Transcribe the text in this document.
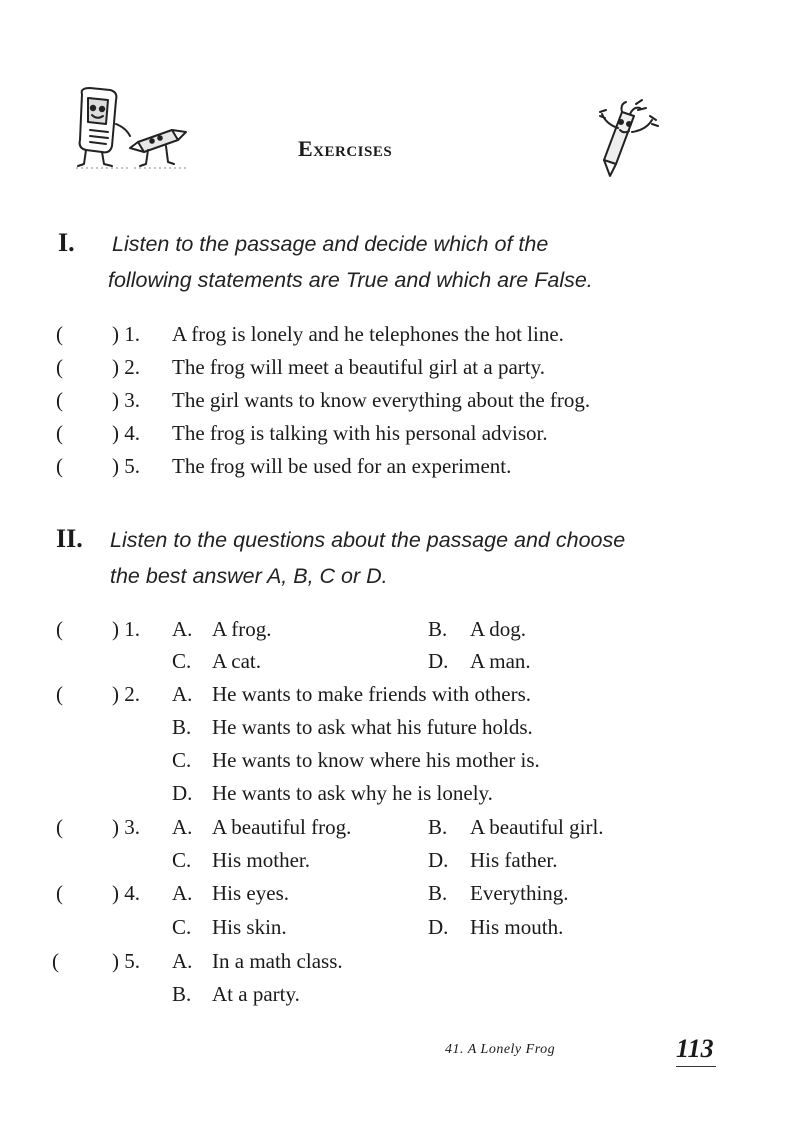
Exercises
I. Listen to the passage and decide which of the
following statements are True and which are False.
( ) 1. A frog is lonely and he telephones the hot line.
( ) 2. The frog will meet a beautiful girl at a party.
( ) 3. The girl wants to know everything about the frog.
( ) 4. The frog is talking with his personal advisor.
( ) 5. The frog will be used for an experiment.
II. Listen to the questions about the passage and choose
the best answer A, B, C or D.
( ) 1. A. A frog.	B. A dog.
C. A cat.	D. A man.
( ) 2. A. He wants to make friends with others.
B. He wants to ask what his future holds.
C. He wants to know where his mother is.
D. He wants to ask why he is lonely.
( ) 3. A. A beautiful frog.	B. A beautiful girl.
C. His mother.	D. His father.
( ) 4. A. His eyes.	B. Everything.
C. His skin.	D. His mouth.
(	) 5. A. In a math class.
B. At a party.
41. A Lonely Frog	113
